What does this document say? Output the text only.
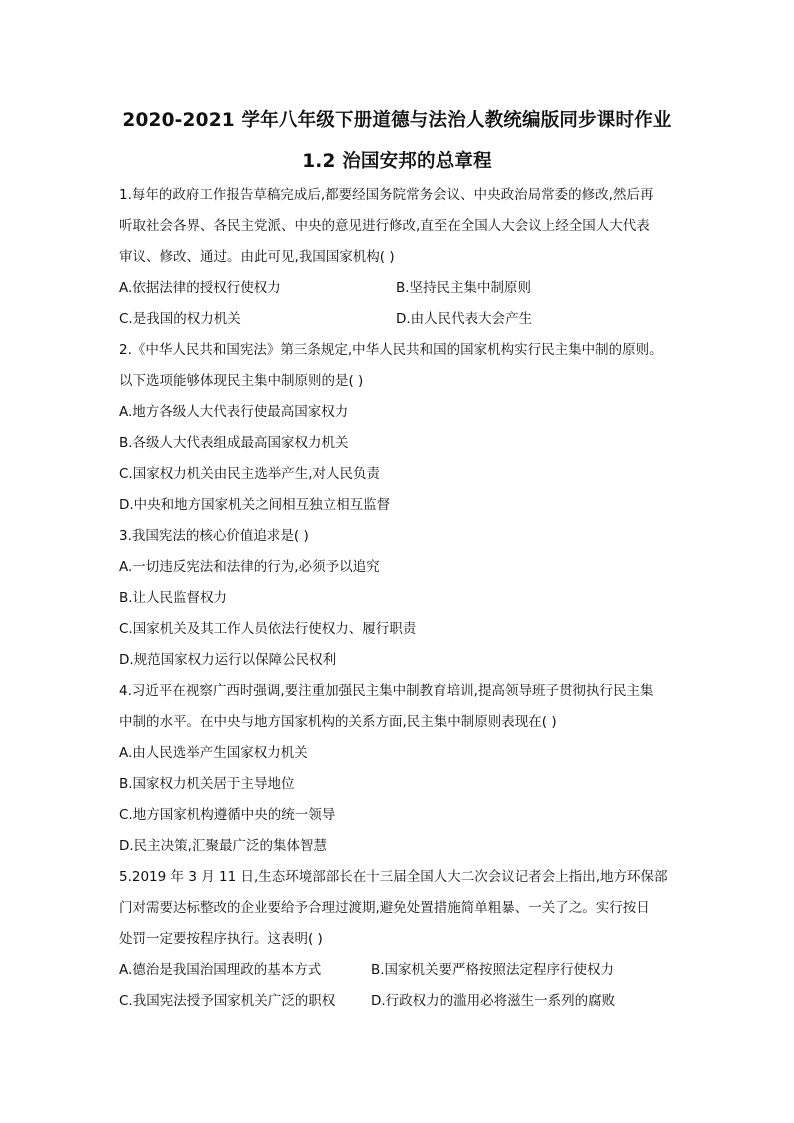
2020-2021 学年八年级下册道德与法治人教统编版同步课时作业
1.2 治国安邦的总章程

1.每年的政府工作报告草稿完成后,都要经国务院常务会议、中央政治局常委的修改,然后再

听取社会各界、各民主党派、中央的意见进行修改,直至在全国人大会议上经全国人大代表

审议、修改、通过。由此可见,我国国家机构( )

A.依据法律的授权行使权力	B.坚持民主集中制原则
C.是我国的权力机关	D.由人民代表大会产生

2.《中华人民共和国宪法》第三条规定,中华人民共和国的国家机构实行民主集中制的原则。

以下选项能够体现民主集中制原则的是( )

A.地方各级人大代表行使最高国家权力

B.各级人大代表组成最高国家权力机关

C.国家权力机关由民主选举产生,对人民负责

D.中央和地方国家机关之间相互独立相互监督

3.我国宪法的核心价值追求是( )

A.一切违反宪法和法律的行为,必须予以追究

B.让人民监督权力

C.国家机关及其工作人员依法行使权力、履行职责

D.规范国家权力运行以保障公民权利

4.习近平在视察广西时强调,要注重加强民主集中制教育培训,提高领导班子贯彻执行民主集

中制的水平。在中央与地方国家机构的关系方面,民主集中制原则表现在( )

A.由人民选举产生国家权力机关

B.国家权力机关居于主导地位

C.地方国家机构遵循中央的统一领导

D.民主决策,汇聚最广泛的集体智慧

5.2019 年 3 月 11 日,生态环境部部长在十三届全国人大二次会议记者会上指出,地方环保部

门对需要达标整改的企业要给予合理过渡期,避免处置措施简单粗暴、一关了之。实行按日

处罚一定要按程序执行。这表明( )

A.德治是我国治国理政的基本方式	B.国家机关要严格按照法定程序行使权力
C.我国宪法授予国家机关广泛的职权	D.行政权力的滥用必将滋生一系列的腐败
